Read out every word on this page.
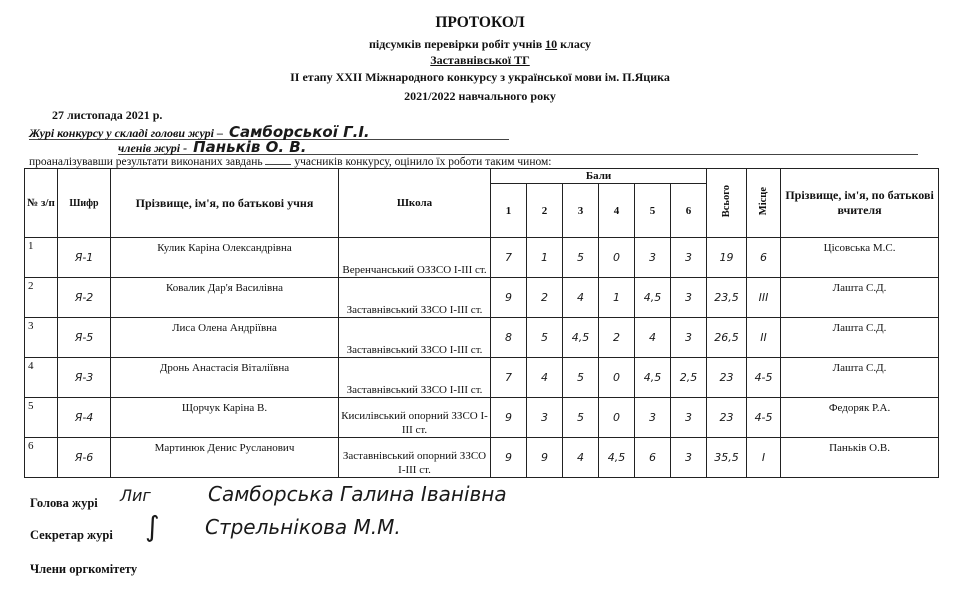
ПРОТОКОЛ
підсумків перевірки робіт учнів 10 класу
Заставнівської ТГ
ІІ етапу ХХІІ Міжнародного конкурсу з української мови ім. П.Яцика
2021/2022 навчального року
27 листопада 2021 р.
Журі конкурсу у складі голови журі – Самборської Г.І.
членів журі - Паньків О. В.
проаналізувавши результати виконаних завдань	учасників конкурсу, оцінило їх роботи таким чином:
№ з/п	Шифр	Прізвище, ім'я, по батькові учня	Школа	Бали						Всього	Місце	Прізвище, ім'я, по батькові вчителя
				1	2	3	4	5	6			
1	Я-1	Кулик Каріна Олександрівна	Веренчанський ОЗЗСО І-ІІІ ст.	7	1	5	0	3	3	19	6	Цісовська М.С.
2	Я-2	Ковалик Дар'я Василівна	Заставнівський ЗЗСО І-ІІІ ст.	9	2	4	1	4,5	3	23,5	ІІІ	Лашта С.Д.
3	Я-5	Лиса Олена Андріївна	Заставнівський ЗЗСО І-ІІІ ст.	8	5	4,5	2	4	3	26,5	ІІ	Лашта С.Д.
4	Я-3	Дронь Анастасія Віталіївна	Заставнівський ЗЗСО І-ІІІ ст.	7	4	5	0	4,5	2,5	23	4-5	Лашта С.Д.
5	Я-4	Щорчук Каріна В.	Кисилівський опорний ЗЗСО І-ІІІ ст.	9	3	5	0	3	3	23	4-5	Федоряк Р.А.
6	Я-6	Мартинюк Денис Русланович	Заставнівський опорний ЗЗСО І-ІІІ ст.	9	9	4	4,5	6	3	35,5	І	Паньків О.В.
Голова журі Лиг	Самборська Галина Іванівна
Секретар журі ∫ Стрельнікова М.М.
Члени оргкомітету
